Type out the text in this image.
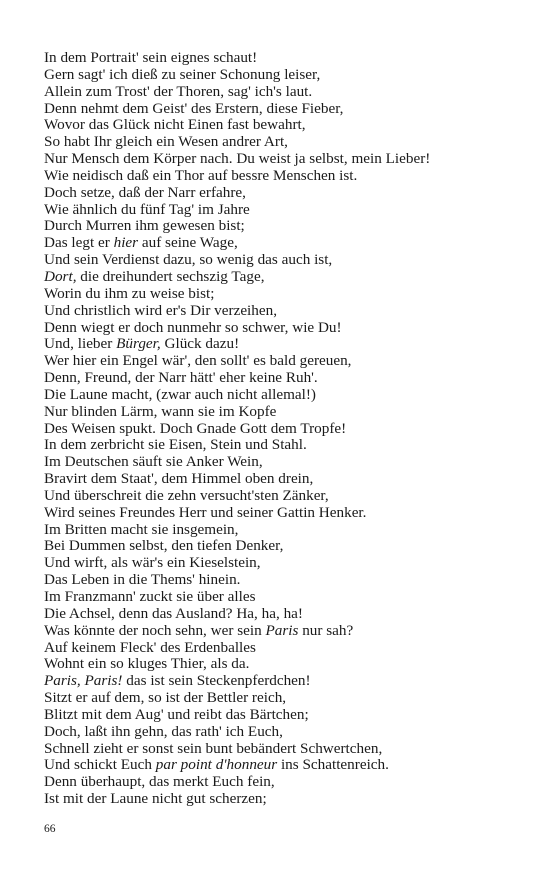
In dem Portrait' sein eignes schaut!
Gern sagt' ich dieß zu seiner Schonung leiser,
Allein zum Trost' der Thoren, sag' ich's laut.
Denn nehmt dem Geist' des Erstern, diese Fieber,
Wovor das Glück nicht Einen fast bewahrt,
So habt Ihr gleich ein Wesen andrer Art,
Nur Mensch dem Körper nach. Du weist ja selbst, mein Lieber!
Wie neidisch daß ein Thor auf bessre Menschen ist.
Doch setze, daß der Narr erfahre,
Wie ähnlich du fünf Tag' im Jahre
Durch Murren ihm gewesen bist;
Das legt er hier auf seine Wage,
Und sein Verdienst dazu, so wenig das auch ist,
Dort, die dreihundert sechszig Tage,
Worin du ihm zu weise bist;
Und christlich wird er's Dir verzeihen,
Denn wiegt er doch nunmehr so schwer, wie Du!
Und, lieber Bürger, Glück dazu!
Wer hier ein Engel wär', den sollt' es bald gereuen,
Denn, Freund, der Narr hätt' eher keine Ruh'.
Die Laune macht, (zwar auch nicht allemal!)
Nur blinden Lärm, wann sie im Kopfe
Des Weisen spukt. Doch Gnade Gott dem Tropfe!
In dem zerbricht sie Eisen, Stein und Stahl.
Im Deutschen säuft sie Anker Wein,
Bravirt dem Staat', dem Himmel oben drein,
Und überschreit die zehn versucht'sten Zänker,
Wird seines Freundes Herr und seiner Gattin Henker.
Im Britten macht sie insgemein,
Bei Dummen selbst, den tiefen Denker,
Und wirft, als wär's ein Kieselstein,
Das Leben in die Thems' hinein.
Im Franzmann' zuckt sie über alles
Die Achsel, denn das Ausland? Ha, ha, ha!
Was könnte der noch sehn, wer sein Paris nur sah?
Auf keinem Fleck' des Erdenballes
Wohnt ein so kluges Thier, als da.
Paris, Paris! das ist sein Steckenpferdchen!
Sitzt er auf dem, so ist der Bettler reich,
Blitzt mit dem Aug' und reibt das Bärtchen;
Doch, laßt ihn gehn, das rath' ich Euch,
Schnell zieht er sonst sein bunt bebändert Schwertchen,
Und schickt Euch par point d'honneur ins Schattenreich.
Denn überhaupt, das merkt Euch fein,
Ist mit der Laune nicht gut scherzen;
66
